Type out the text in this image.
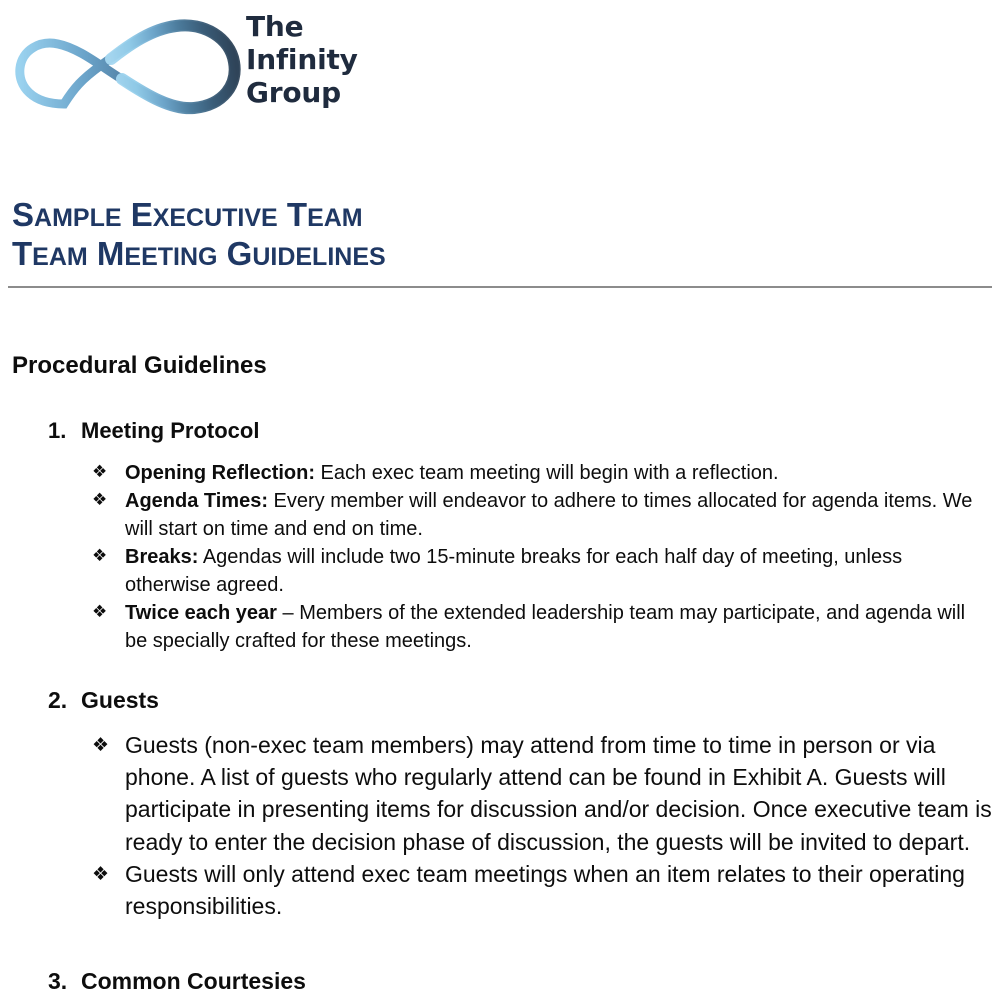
The
Infinity
Group
SAMPLE EXECUTIVE TEAM
TEAM MEETING GUIDELINES
Procedural Guidelines
1. Meeting Protocol
❖ Opening Reflection: Each exec team meeting will begin with a reflection.
❖ Agenda Times: Every member will endeavor to adhere to times allocated for agenda items. We will start on time and end on time.
❖ Breaks: Agendas will include two 15-minute breaks for each half day of meeting, unless otherwise agreed.
❖ Twice each year – Members of the extended leadership team may participate, and agenda will be specially crafted for these meetings.
2. Guests
❖ Guests (non-exec team members) may attend from time to time in person or via phone. A list of guests who regularly attend can be found in Exhibit A. Guests will participate in presenting items for discussion and/or decision. Once executive team is ready to enter the decision phase of discussion, the guests will be invited to depart.
❖ Guests will only attend exec team meetings when an item relates to their operating responsibilities.
3. Common Courtesies
